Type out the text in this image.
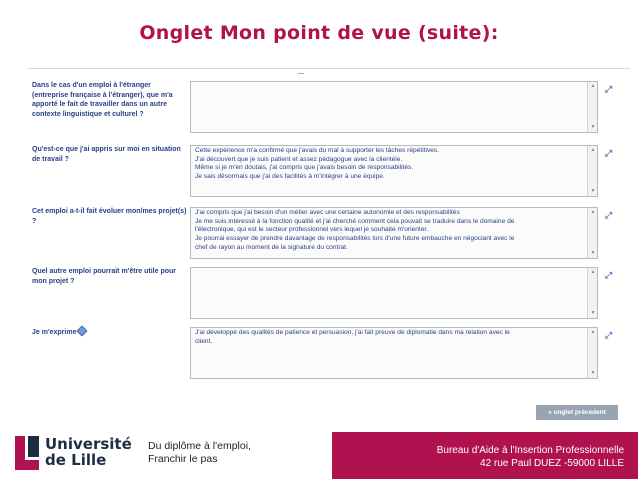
Onglet Mon point de vue (suite):
Dans le cas d'un emploi à l'étranger (entreprise française à l'étranger), que m'a apporté le fait de travailler dans un autre contexte linguistique et culturel ?
▲
▼
⤢
Qu'est-ce que j'ai appris sur moi en situation de travail ?
Cette expérience m'a confirmé que j'avais du mal à supporter les tâches répétitives.
J'ai découvert que je suis patient et assez pédagogue avec la clientèle.
Même si je m'en doutais, j'ai compris que j'avais besoin de responsabilités.
Je sais désormais que j'ai des facilités à m'intégrer à une équipe.
▲
▼
⤢
Cet emploi a-t-il fait évoluer mon/mes projet(s) ?
J'ai compris que j'ai besoin d'un métier avec une certaine autonomie et des responsabilités
Je me suis intéressé à la fonction qualité et j'ai cherché comment cela pouvait se traduire dans le domaine de
l'électronique, qui est le secteur professionnel vers lequel je souhaite m'orienter.
Je pourrai essayer de prendre davantage de responsabilités lors d'une future embauche en négociant avec le
chef de rayon au moment de la signature du contrat.
▲
▼
⤢
Quel autre emploi pourrait m'être utile pour mon projet ?
▲
▼
⤢
Je m'exprime	J'ai développé des qualités de patience et persuasion, j'ai fait preuve de diplomatie dans ma relation avec le
client.
▲
▼
⤢
« onglet précédent
Université
de Lille
Du diplôme à l'emploi,
Franchir le pas
Bureau d'Aide à l'Insertion Professionnelle
42 rue Paul DUEZ -59000 LILLE
